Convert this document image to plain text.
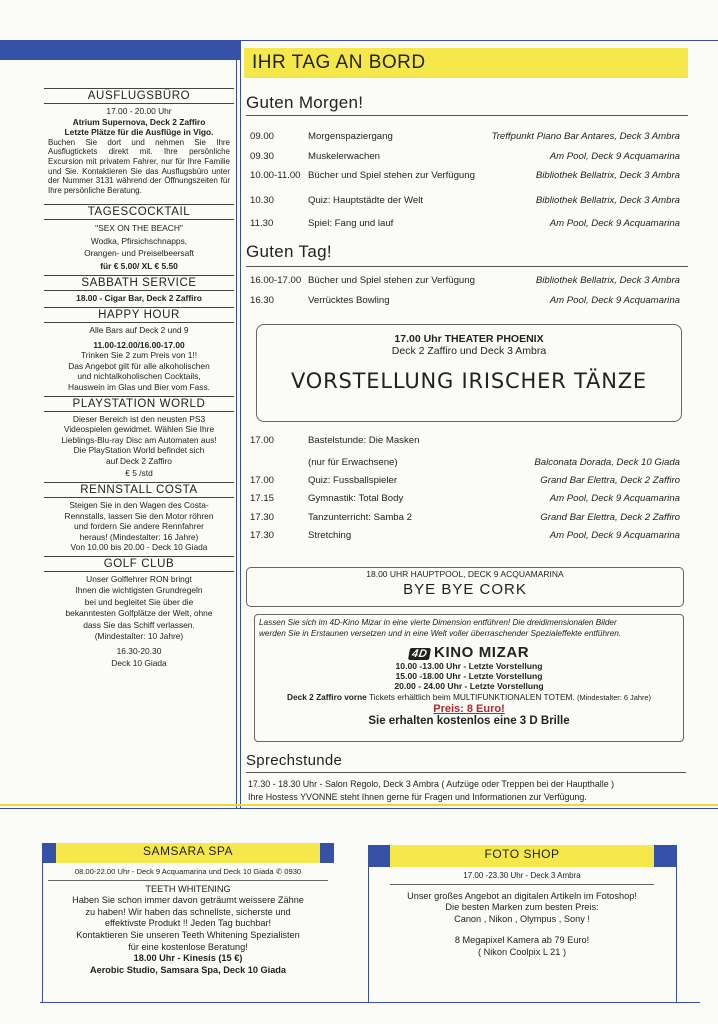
AUSFLUGSBÜRO
17.00 - 20.00 Uhr
Atrium Supernova, Deck 2 Zaffiro
Letzte Plätze für die Ausflüge in Vigo.
Buchen Sie dort und nehmen Sie Ihre Ausflugtickets direkt mit. Ihre persönliche Excursion mit privatem Fahrer, nur für Ihre Familie und Sie. Kontaktieren Sie das Ausflugsbüro unter der Nummer 3131 während der Öffnungszeiten für Ihre persönliche Beratung.
TAGESCOCKTAIL
"SEX ON THE BEACH"
Wodka, Pfirsichschnapps,
Orangen- und Preiselbeersaft
für € 5.00/ XL € 5.50
SABBATH SERVICE
18.00 - Cigar Bar, Deck 2 Zaffiro
HAPPY HOUR
Alle Bars auf Deck 2 und 9
11.00-12.00/16.00-17.00
Trinken Sie 2 zum Preis von 1!!
Das Angebot gilt für alle alkoholischen
und nichtalkoholischen Cocktails,
Hauswein im Glas und Bier vom Fass.
PLAYSTATION WORLD
Dieser Bereich ist den neusten PS3
Videospielen gewidmet. Wählen Sie Ihre
Lieblings-Blu-ray Disc am Automaten aus!
Die PlayStation World befindet sich
auf Deck 2 Zaffiro
€ 5 /std
RENNSTALL COSTA
Steigen Sie in den Wagen des Costa-
Rennstalls, lassen Sie den Motor röhren
und fordern Sie andere Rennfahrer
heraus! (Mindestalter: 16 Jahre)
Von 10.00 bis 20.00 - Deck 10 Giada
GOLF CLUB
Unser Golflehrer RON bringt
Ihnen die wichtigsten Grundregeln
bei und begleitet Sie über die
bekanntesten Golfplätze der Welt, ohne
dass Sie das Schiff verlassen.
(Mindestalter: 10 Jahre)
16.30-20.30
Deck 10 Giada
IHR TAG AN BORD
Guten Morgen!
09.00	Morgenspaziergang	Treffpunkt Piano Bar Antares, Deck 3 Ambra
09.30	Muskelerwachen	Am Pool, Deck 9 Acquamarina
10.00-11.00 Bücher und Spiel stehen zur Verfügung	Bibliothek Bellatrix, Deck 3 Ambra
10.30	Quiz: Hauptstädte der Welt	Bibliothek Bellatrix, Deck 3 Ambra
11.30	Spiel: Fang und lauf	Am Pool, Deck 9 Acquamarina
Guten Tag!
16.00-17.00 Bücher und Spiel stehen zur Verfügung	Bibliothek Bellatrix, Deck 3 Ambra
16.30	Verrücktes Bowling	Am Pool, Deck 9 Acquamarina
17.00 Uhr THEATER PHOENIX
Deck 2 Zaffiro und Deck 3 Ambra
VORSTELLUNG IRISCHER TÄNZE
17.00	Bastelstunde: Die Masken
(nur für Erwachsene)	Balconata Dorada, Deck 10 Giada
17.00	Quiz: Fussballspieler	Grand Bar Elettra, Deck 2 Zaffiro
17.15	Gymnastik: Total Body	Am Pool, Deck 9 Acquamarina
17.30	Tanzunterricht: Samba 2	Grand Bar Elettra, Deck 2 Zaffiro
17.30	Stretching	Am Pool, Deck 9 Acquamarina
18.00 UHR HAUPTPOOL, DECK 9 ACQUAMARINA
BYE BYE CORK
Lassen Sie sich im 4D-Kino Mizar in eine vierte Dimension entführen! Die dreidimensionalen Bilder
werden Sie in Erstaunen versetzen und in eine Welt voller überraschender Spezialeffekte entführen.
4D KINO MIZAR
10.00 -13.00 Uhr - Letzte Vorstellung
15.00 -18.00 Uhr - Letzte Vorstellung
20.00 - 24.00 Uhr - Letzte Vorstellung
Deck 2 Zaffiro vorne Tickets erhältlich beim MULTIFUNKTIONALEN TOTEM. (Mindestalter: 6 Jahre)
Preis: 8 Euro!
Sie erhalten kostenlos eine 3 D Brille
Sprechstunde
17.30 - 18.30 Uhr - Salon Regolo, Deck 3 Ambra ( Aufzüge oder Treppen bei der Haupthalle )
Ihre Hostess YVONNE steht Ihnen gerne für Fragen und Informationen zur Verfügung.
SAMSARA SPA
08.00-22.00 Uhr - Deck 9 Acquamarina und Deck 10 Giada ✆ 0930
TEETH WHITENING
Haben Sie schon immer davon geträumt weissere Zähne
zu haben! Wir haben das schnellste, sicherste und
effektivste Produkt !! Jeden Tag buchbar!
Kontaktieren Sie unseren Teeth Whitening Spezialisten
für eine kostenlose Beratung!
18.00 Uhr - Kinesis (15 €)
Aerobic Studio, Samsara Spa, Deck 10 Giada
FOTO SHOP
17.00 -23.30 Uhr - Deck 3 Ambra
Unser großes Angebot an digitalen Artikeln im Fotoshop!
Die besten Marken zum besten Preis:
Canon , Nikon , Olympus , Sony !
8 Megapixel Kamera ab 79 Euro!
( Nikon Coolpix L 21 )
